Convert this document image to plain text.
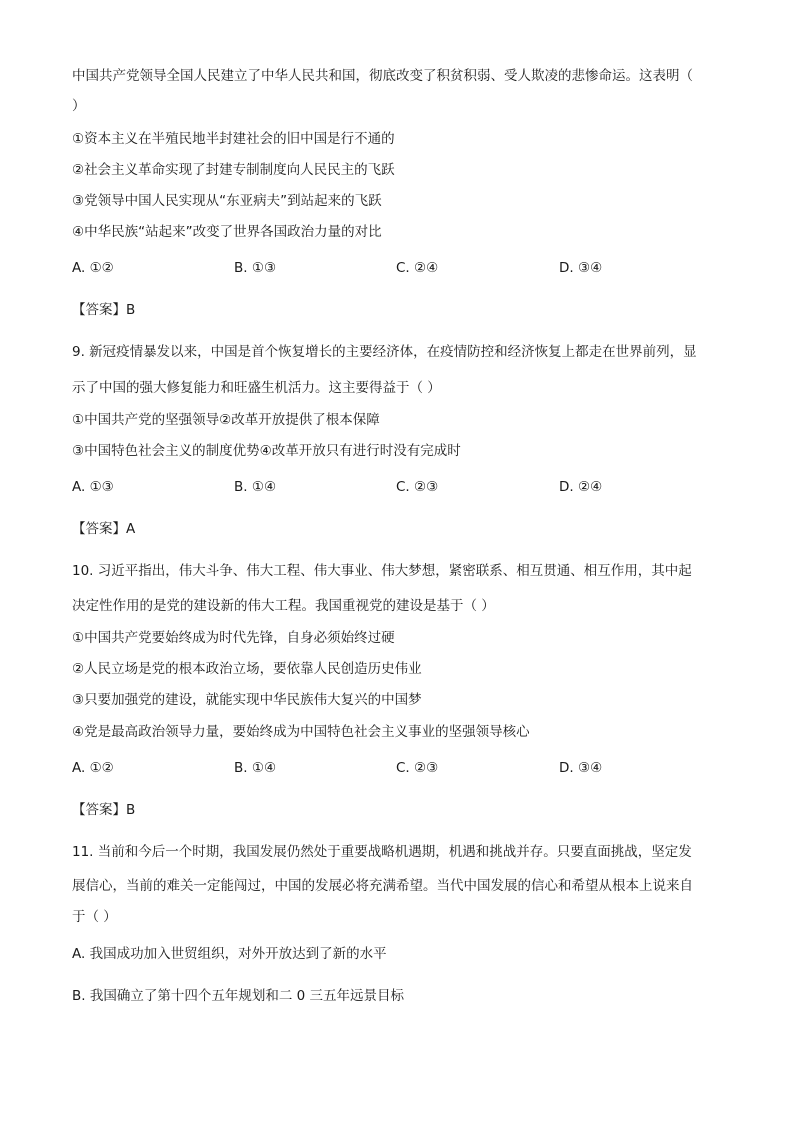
中国共产党领导全国人民建立了中华人民共和国，彻底改变了积贫积弱、受人欺凌的悲惨命运。这表明（
）
①资本主义在半殖民地半封建社会的旧中国是行不通的
②社会主义革命实现了封建专制制度向人民民主的飞跃
③党领导中国人民实现从“东亚病夫”到站起来的飞跃
④中华民族“站起来”改变了世界各国政治力量的对比
A. ①②	B. ①③	C. ②④	D. ③④
【答案】B
9. 新冠疫情暴发以来，中国是首个恢复增长的主要经济体，在疫情防控和经济恢复上都走在世界前列，显
示了中国的强大修复能力和旺盛生机活力。这主要得益于（ ）
①中国共产党的坚强领导②改革开放提供了根本保障
③中国特色社会主义的制度优势④改革开放只有进行时没有完成时
A. ①③	B. ①④	C. ②③	D. ②④
【答案】A
10. 习近平指出，伟大斗争、伟大工程、伟大事业、伟大梦想，紧密联系、相互贯通、相互作用，其中起
决定性作用的是党的建设新的伟大工程。我国重视党的建设是基于（ ）
①中国共产党要始终成为时代先锋，自身必须始终过硬
②人民立场是党的根本政治立场，要依靠人民创造历史伟业
③只要加强党的建设，就能实现中华民族伟大复兴的中国梦
④党是最高政治领导力量，要始终成为中国特色社会主义事业的坚强领导核心
A. ①②	B. ①④	C. ②③	D. ③④
【答案】B
11. 当前和今后一个时期，我国发展仍然处于重要战略机遇期，机遇和挑战并存。只要直面挑战，坚定发
展信心，当前的难关一定能闯过，中国的发展必将充满希望。当代中国发展的信心和希望从根本上说来自
于（ ）
A. 我国成功加入世贸组织，对外开放达到了新的水平
B. 我国确立了第十四个五年规划和二 0 三五年远景目标
